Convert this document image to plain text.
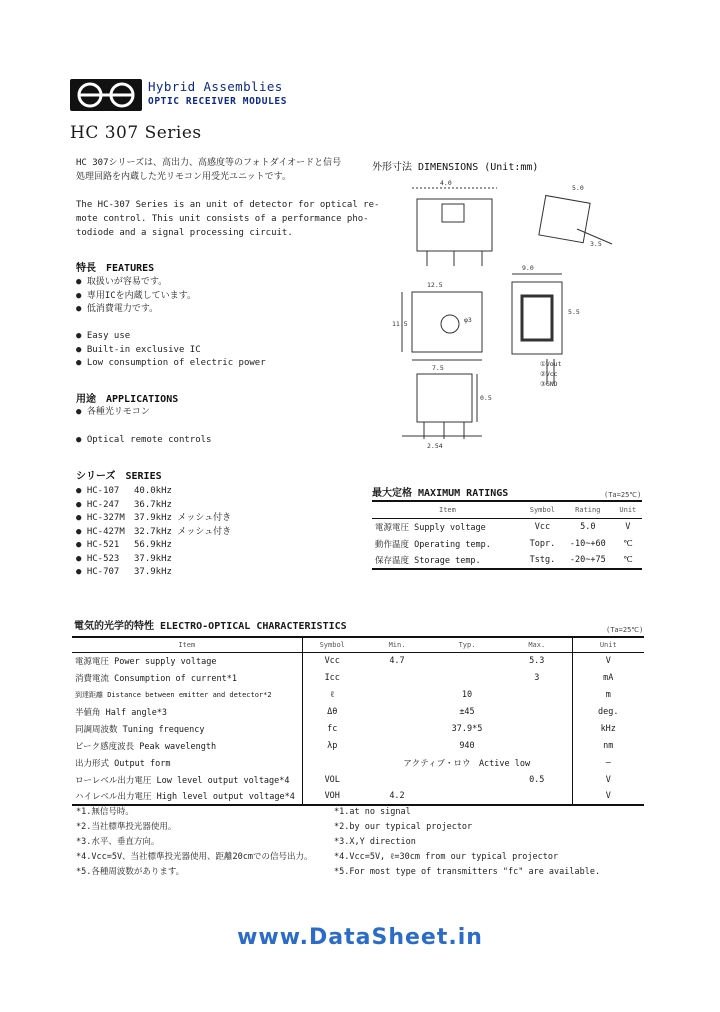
Hybrid Assemblies
OPTIC RECEIVER MODULES
HC 307 Series
HC 307シリーズは、高出力、高感度等のフォトダイオードと信号
処理回路を内蔵した光リモコン用受光ユニットです。
The HC-307 Series is an unit of detector for optical re-
mote control. This unit consists of a performance pho-
todiode and a signal processing circuit.
特長　FEATURES
● 取扱いが容易です。
● 専用ICを内蔵しています。
● 低消費電力です。
● Easy use
● Built-in exclusive IC
● Low consumption of electric power
用途　APPLICATIONS
● 各種光リモコン
● Optical remote controls
シリーズ　SERIES
● HC-107 40.0kHz
● HC-247 36.7kHz
● HC-327M 37.9kHz メッシュ付き
● HC-427M 32.7kHz メッシュ付き
● HC-521 56.9kHz
● HC-523 37.9kHz
● HC-707 37.9kHz
外形寸法 DIMENSIONS (Unit:mm)
4.0
5.0
12.5
11.5
7.5
φ3
9.0
5.5
2.54
0.5
3.5
①Vout
②Vcc
③GND
最大定格 MAXIMUM RATINGS	(Ta=25℃)
Item	Symbol	Rating	Unit
電源電圧 Supply voltage	Vcc	5.0	V
動作温度 Operating temp.	Topr.	-10~+60	℃
保存温度 Storage temp.	Tstg.	-20~+75	℃
電気的光学的特性 ELECTRO-OPTICAL CHARACTERISTICS	(Ta=25℃)
Item	Symbol	Min.	Typ.	Max.	Unit
電源電圧 Power supply voltage	Vcc	4.7		5.3	V
消費電流 Consumption of current*1	Icc			3	mA
到達距離 Distance between emitter and detector*2	ℓ		10		m
半値角 Half angle*3	Δθ		±45		deg.
同調周波数 Tuning frequency	fc		37.9*5		kHz
ピーク感度波長 Peak wavelength	λp		940		nm
出力形式 Output form		アクティブ・ロウ　Active low			—
ローレベル出力電圧 Low level output voltage*4	VOL			0.5	V
ハイレベル出力電圧 High level output voltage*4	VOH	4.2			V
*1.無信号時。
*2.当社標準投光器使用。
*3.水平、垂直方向。
*4.Vcc=5V、当社標準投光器使用、距離20cmでの信号出力。
*5.各種周波数があります。
*1.at no signal
*2.by our typical projector
*3.X,Y direction
*4.Vcc=5V, ℓ=30cm from our typical projector
*5.For most type of transmitters "fc" are available.
www.DataSheet.in
